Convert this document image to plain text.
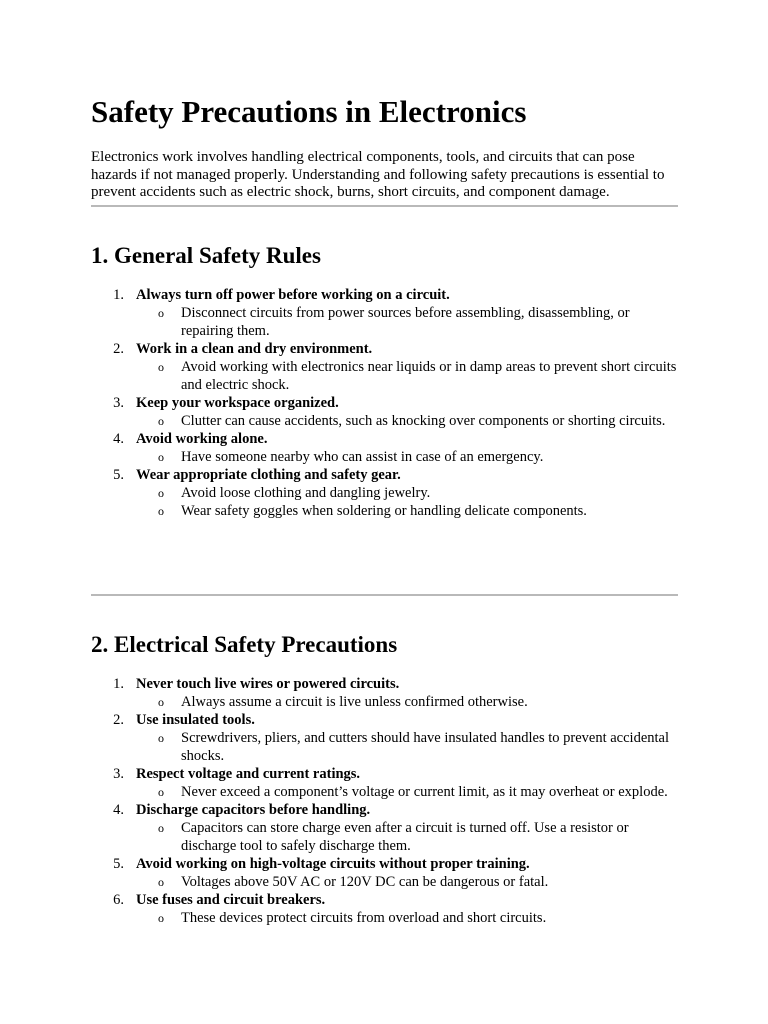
Safety Precautions in Electronics

Electronics work involves handling electrical components, tools, and circuits that can pose hazards if not managed properly. Understanding and following safety precautions is essential to prevent accidents such as electric shock, burns, short circuits, and component damage.

1. General Safety Rules
1. Always turn off power before working on a circuit.
o Disconnect circuits from power sources before assembling, disassembling, or repairing them.
2. Work in a clean and dry environment.
o Avoid working with electronics near liquids or in damp areas to prevent short circuits and electric shock.
3. Keep your workspace organized.
o Clutter can cause accidents, such as knocking over components or shorting circuits.
4. Avoid working alone.
o Have someone nearby who can assist in case of an emergency.
5. Wear appropriate clothing and safety gear.
o Avoid loose clothing and dangling jewelry.
o Wear safety goggles when soldering or handling delicate components.
2. Electrical Safety Precautions
1. Never touch live wires or powered circuits.
o Always assume a circuit is live unless confirmed otherwise.
2. Use insulated tools.
o Screwdrivers, pliers, and cutters should have insulated handles to prevent accidental shocks.
3. Respect voltage and current ratings.
o Never exceed a component’s voltage or current limit, as it may overheat or explode.
4. Discharge capacitors before handling.
o Capacitors can store charge even after a circuit is turned off. Use a resistor or discharge tool to safely discharge them.
5. Avoid working on high-voltage circuits without proper training.
o Voltages above 50V AC or 120V DC can be dangerous or fatal.
6. Use fuses and circuit breakers.
o These devices protect circuits from overload and short circuits.
